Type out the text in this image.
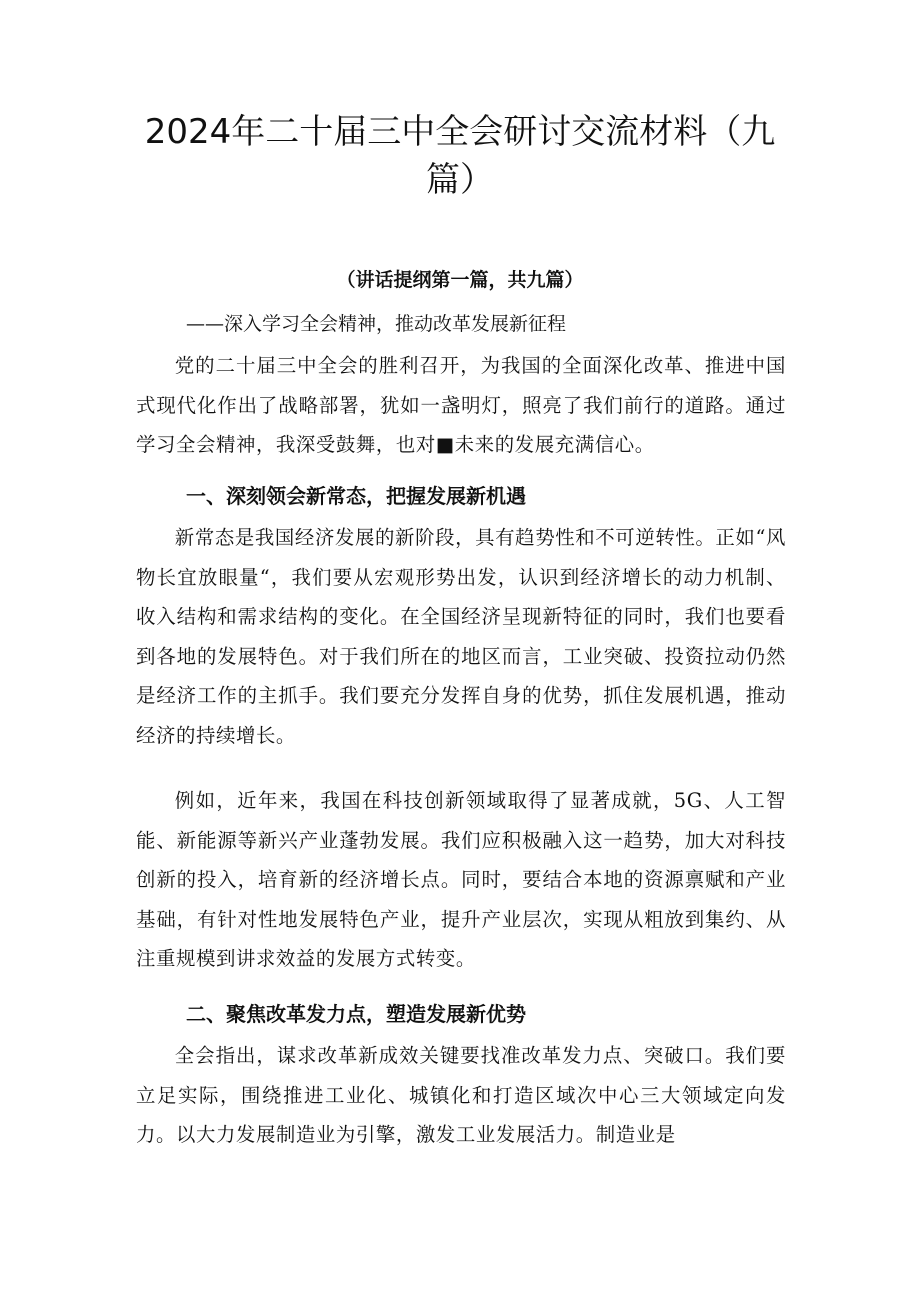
2024年二十届三中全会研讨交流材料（九篇）

（讲话提纲第一篇，共九篇）

——深入学习全会精神，推动改革发展新征程

党的二十届三中全会的胜利召开，为我国的全面深化改革、推进中国式现代化作出了战略部署，犹如一盏明灯，照亮了我们前行的道路。通过学习全会精神，我深受鼓舞，也对■未来的发展充满信心。

一、深刻领会新常态，把握发展新机遇

新常态是我国经济发展的新阶段，具有趋势性和不可逆转性。正如“风物长宜放眼量“，我们要从宏观形势出发，认识到经济增长的动力机制、收入结构和需求结构的变化。在全国经济呈现新特征的同时，我们也要看到各地的发展特色。对于我们所在的地区而言，工业突破、投资拉动仍然是经济工作的主抓手。我们要充分发挥自身的优势，抓住发展机遇，推动经济的持续增长。

例如，近年来，我国在科技创新领域取得了显著成就，5G、人工智能、新能源等新兴产业蓬勃发展。我们应积极融入这一趋势，加大对科技创新的投入，培育新的经济增长点。同时，要结合本地的资源禀赋和产业基础，有针对性地发展特色产业，提升产业层次，实现从粗放到集约、从注重规模到讲求效益的发展方式转变。

二、聚焦改革发力点，塑造发展新优势

全会指出，谋求改革新成效关键要找准改革发力点、突破口。我们要立足实际，围绕推进工业化、城镇化和打造区域次中心三大领域定向发力。以大力发展制造业为引擎，激发工业发展活力。制造业是
